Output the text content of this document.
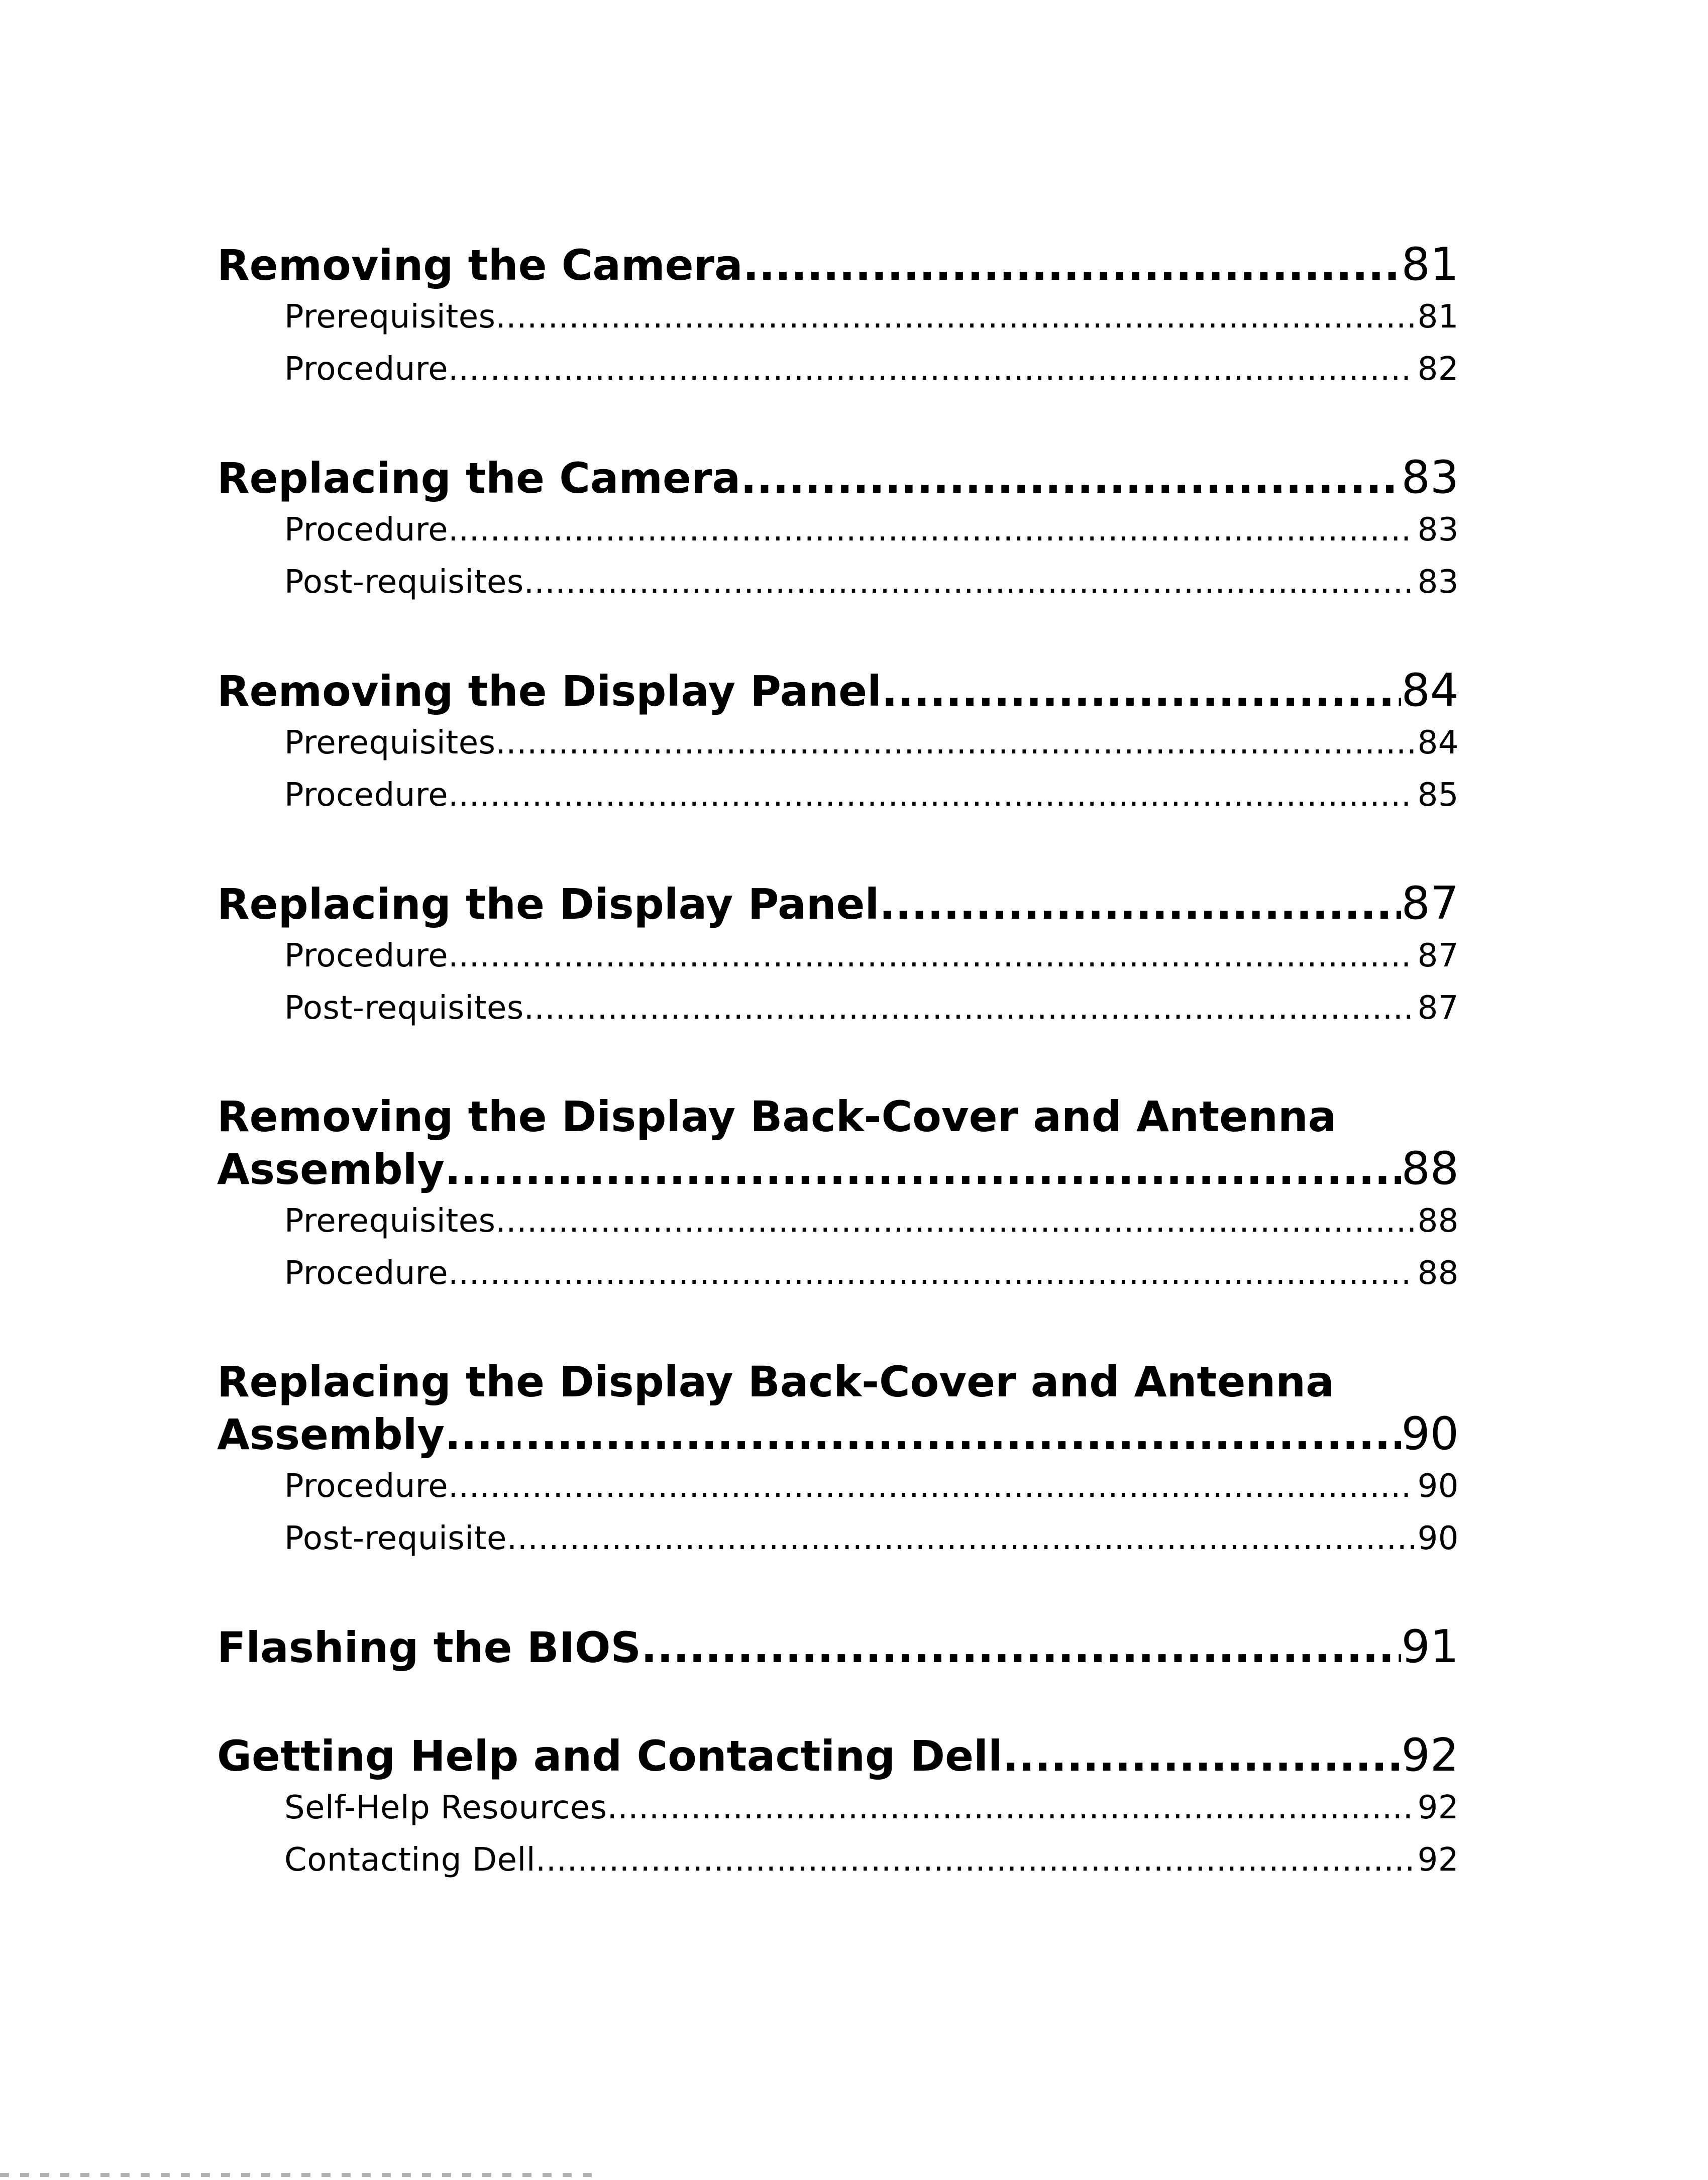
Removing the Camera .....	81
Prerequisites .....	81
Procedure .....	82
Replacing the Camera .....	83
Procedure .....	83
Post-requisites .....	83
Removing the Display Panel .....	84
Prerequisites .....	84
Procedure .....	85
Replacing the Display Panel .....	87
Procedure .....	87
Post-requisites .....	87
Removing the Display Back-Cover and Antenna
Assembly .....	88
Prerequisites .....	88
Procedure .....	88
Replacing the Display Back-Cover and Antenna
Assembly .....	90
Procedure .....	90
Post-requisite .....	90
Flashing the BIOS .....	91
Getting Help and Contacting Dell .....	92
Self-Help Resources .....	92
Contacting Dell .....	92
